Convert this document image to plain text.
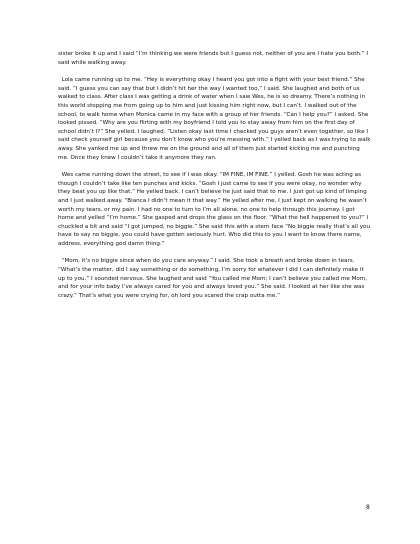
sister broke it up and I said “I’m thinking we were friends but I guess not, neither of you are I hate you both.” I said while walking away.

Lola came running up to me. “Hey is everything okay I heard you got into a fight with your best friend.” She said. “I guess you can say that but I didn’t hit her the way I wanted too,” I said. She laughed and both of us walked to class. After class I was getting a drink of water when I saw Wes, he is so dreamy. There’s nothing in this world stopping me from going up to him and just kissing him right now, but I can’t. I walked out of the school, to walk home when Monica came in my face with a group of her friends. “Can I help you?” I asked. She looked pissed. “Why are you flirting with my boyfriend I told you to stay away from him on the first day of school didn’t I?” She yelled. I laughed. “Listen okay last time I checked you guys aren’t even together, so like I said check yourself girl because you don’t know who you’re messing with.” I yelled back as I was trying to walk away. She yanked me up and threw me on the ground and all of them just started kicking me and punching me. Once they knew I couldn’t take it anymore they ran.

Wes came running down the street, to see if I was okay. “IM FINE, IM FINE.” I yelled. Gosh he was acting as though I couldn’t take like ten punches and kicks. “Gosh I just came to see if you were okay, no wonder why they beat you up like that.” He yelled back. I can’t believe he just said that to me. I just got up kind of limping and I just walked away. “Bianca I didn’t mean it that way.” He yelled after me. I just kept on walking he wasn’t worth my tears, or my pain. I had no one to turn to I’m all alone, no one to help through this journey. I got home and yelled “I’m home.” She gasped and drops the glass on the floor. “What the hell happened to you?” I chuckled a bit and said “I got jumped, no biggie.” She said this with a stern face “No biggie really that’s all you have to say no biggie, you could have gotten seriously hurt. Who did this to you I want to know there name, address, everything god damn thing.”

“Mom, it’s no biggie since when do you care anyway.” I said. She took a breath and broke down in tears. “What’s the matter, did I say something or do something, I’m sorry for whatever I did I can definitely make it up to you.” I sounded nervous. She laughed and said “You called me Mom; I can’t believe you called me Mom, and for your info baby I’ve always cared for you and always loved you.” She said. I looked at her like she was crazy.” That’s what you were crying for, oh lord you scared the crap outta me.”

8
